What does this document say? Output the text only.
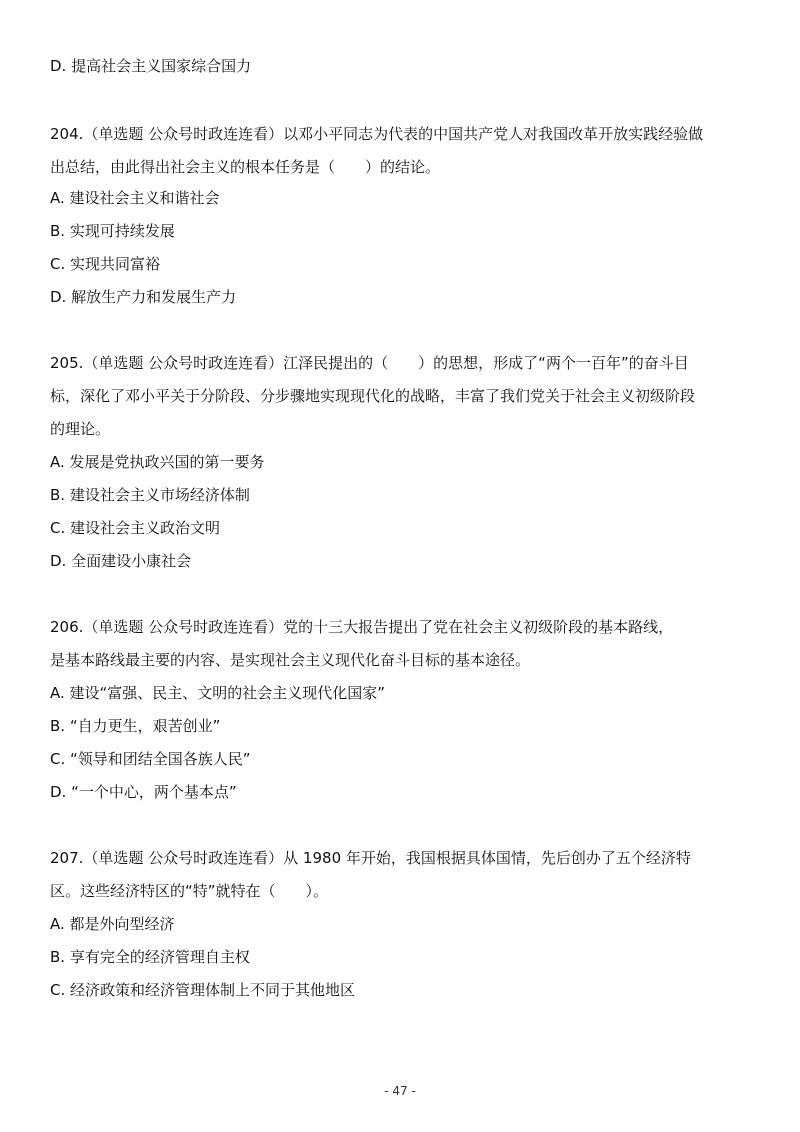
D. 提高社会主义国家综合国力
204.（单选题 公众号时政连连看）以邓小平同志为代表的中国共产党人对我国改革开放实践经验做
出总结，由此得出社会主义的根本任务是（　　）的结论。
A. 建设社会主义和谐社会
B. 实现可持续发展
C. 实现共同富裕
D. 解放生产力和发展生产力
205.（单选题 公众号时政连连看）江泽民提出的（　　）的思想，形成了“两个一百年”的奋斗目
标，深化了邓小平关于分阶段、分步骤地实现现代化的战略，丰富了我们党关于社会主义初级阶段
的理论。
A. 发展是党执政兴国的第一要务
B. 建设社会主义市场经济体制
C. 建设社会主义政治文明
D. 全面建设小康社会
206.（单选题 公众号时政连连看）党的十三大报告提出了党在社会主义初级阶段的基本路线，
是基本路线最主要的内容、是实现社会主义现代化奋斗目标的基本途径。
A. 建设“富强、民主、文明的社会主义现代化国家”
B. “自力更生，艰苦创业”
C. “领导和团结全国各族人民”
D. “一个中心，两个基本点”
207.（单选题 公众号时政连连看）从 1980 年开始，我国根据具体国情，先后创办了五个经济特
区。这些经济特区的“特”就特在（　　）。
A. 都是外向型经济
B. 享有完全的经济管理自主权
C. 经济政策和经济管理体制上不同于其他地区
- 47 -
